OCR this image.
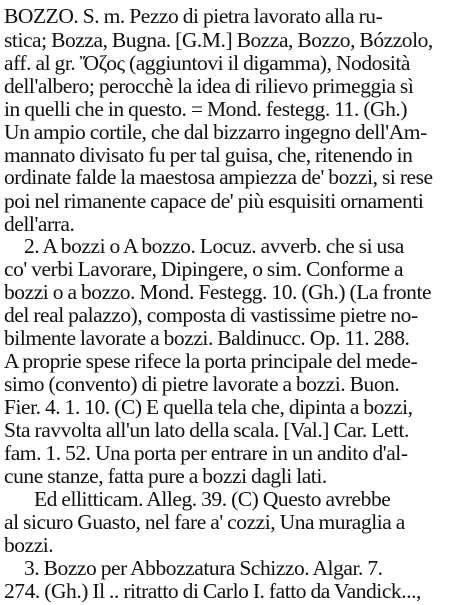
BOZZO. S. m. Pezzo di pietra lavorato alla ru-
stica; Bozza, Bugna. [G.M.] Bozza, Bozzo, Bózzolo,
aff. al gr. Ὄζος (aggiuntovi il digamma), Nodosità
dell'albero; perocchè la idea di rilievo primeggia sì
in quelli che in questo. = Mond. festegg. 11. (Gh.)
Un ampio cortile, che dal bizzarro ingegno dell'Am-
mannato divisato fu per tal guisa, che, ritenendo in
ordinate falde la maestosa ampiezza de' bozzi, si rese
poi nel rimanente capace de' più esquisiti ornamenti
dell'arra.
2. A bozzi o A bozzo. Locuz. avverb. che si usa
co' verbi Lavorare, Dipingere, o sim. Conforme a
bozzi o a bozzo. Mond. Festegg. 10. (Gh.) (La fronte
del real palazzo), composta di vastissime pietre no-
bilmente lavorate a bozzi. Baldinucc. Op. 11. 288.
A proprie spese rifece la porta principale del mede-
simo (convento) di pietre lavorate a bozzi. Buon.
Fier. 4. 1. 10. (C) E quella tela che, dipinta a bozzi,
Sta ravvolta all'un lato della scala. [Val.] Car. Lett.
fam. 1. 52. Una porta per entrare in un andito d'al-
cune stanze, fatta pure a bozzi dagli lati.
Ed ellitticam. Alleg. 39. (C) Questo avrebbe
al sicuro Guasto, nel fare a' cozzi, Una muraglia a
bozzi.
3. Bozzo per Abbozzatura Schizzo. Algar. 7.
274. (Gh.) Il .. ritratto di Carlo I. fatto da Vandick...,
